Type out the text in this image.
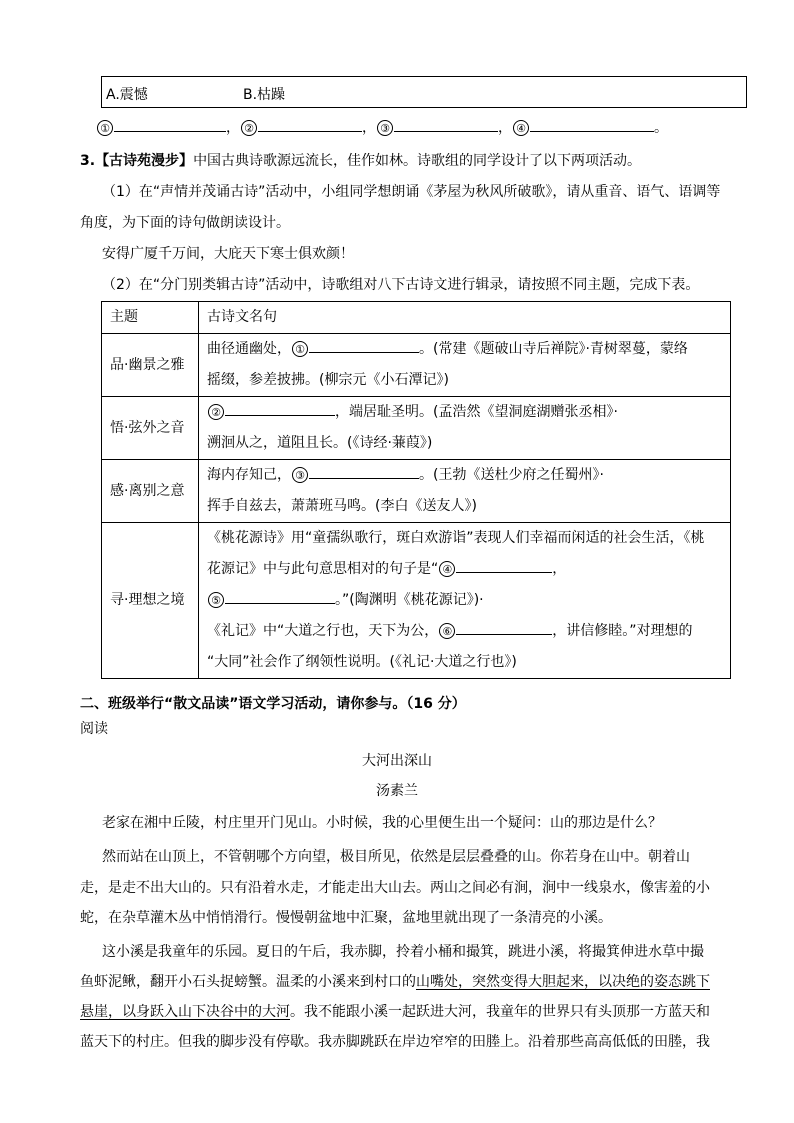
A.震憾	B.枯躁
①	， ②	， ③	， ④	。
3.【古诗苑漫步】中国古典诗歌源远流长，佳作如林。诗歌组的同学设计了以下两项活动。
（1）在“声情并茂诵古诗”活动中，小组同学想朗诵《茅屋为秋风所破歌》，请从重音、语气、语调等
角度，为下面的诗句做朗读设计。
安得广厦千万间，大庇天下寒士俱欢颜！
（2）在“分门别类辑古诗”活动中，诗歌组对八下古诗文进行辑录，请按照不同主题，完成下表。
主题	古诗文名句
品·幽景之雅	曲径通幽处， ① 。(常建《题破山寺后禅院》·青树翠蔓，蒙络
摇缀，参差披拂。(柳宗元《小石潭记》)

悟·弦外之音	② ，端居耻圣明。(孟浩然《望洞庭湖赠张丞相》·
溯洄从之，道阻且长。(《诗经·蒹葭》)

感·离别之意	海内存知己， ③ 。(王勃《送杜少府之任蜀州》·
挥手自兹去，萧萧班马鸣。(李白《送友人》)

寻·理想之境	《桃花源诗》用“童孺纵歌行，斑白欢游诣”表现人们幸福而闲适的社会生活，《桃
花源记》中与此句意思相对的句子是“ ④ ，
⑤ 。”(陶渊明《桃花源记》)·
《礼记》中“大道之行也，天下为公， ⑥ ，讲信修睦。”对理想的
“大同”社会作了纲领性说明。(《礼记·大道之行也》)
二、班级举行“散文品读”语文学习活动，请你参与。（16 分）
阅读
大河出深山
汤素兰
老家在湘中丘陵，村庄里开门见山。小时候，我的心里便生出一个疑问：山的那边是什么？
然而站在山顶上，不管朝哪个方向望，极目所见，依然是层层叠叠的山。你若身在山中。朝着山
走，是走不出大山的。只有沿着水走，才能走出大山去。两山之间必有涧，涧中一线泉水，像害羞的小
蛇，在杂草灌木丛中悄悄滑行。慢慢朝盆地中汇聚，盆地里就出现了一条清亮的小溪。
这小溪是我童年的乐园。夏日的午后，我赤脚，拎着小桶和撮箕，跳进小溪，将撮箕伸进水草中撮
鱼虾泥鳅，翻开小石头捉螃蟹。温柔的小溪来到村口的山嘴处，突然变得大胆起来，以决绝的姿态跳下
悬崖，以身跃入山下决谷中的大河。我不能跟小溪一起跃进大河，我童年的世界只有头顶那一方蓝天和
蓝天下的村庄。但我的脚步没有停歇。我赤脚跳跃在岸边窄窄的田塍上。沿着那些高高低低的田塍，我
